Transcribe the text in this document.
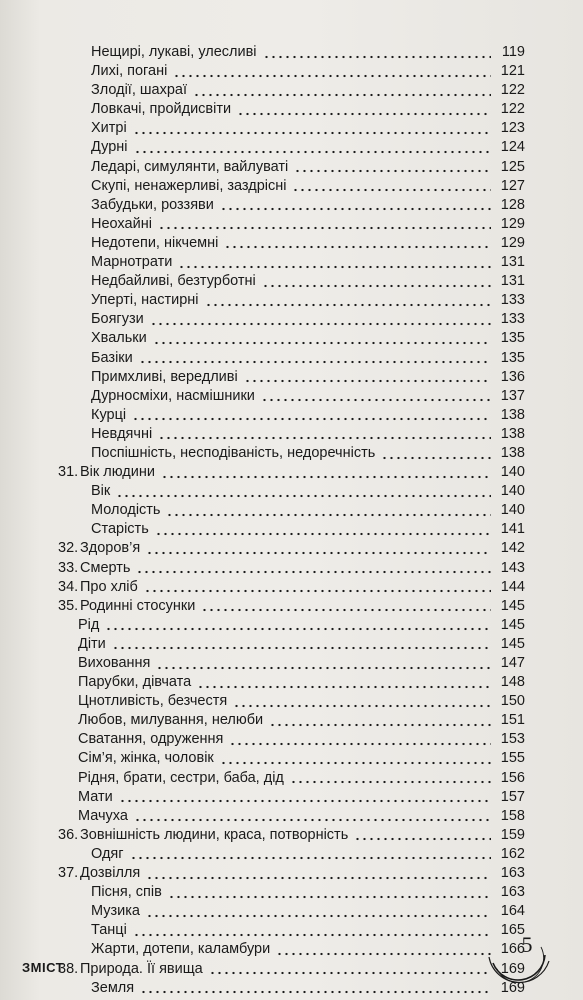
Нещирі, лукаві, улесливі	119
Лихі, погані	121
Злодії, шахраї	122
Ловкачі, пройдисвіти	122
Хитрі	123
Дурні	124
Ледарі, симулянти, вайлуваті	125
Скупі, ненажерливі, заздрісні	127
Забудьки, роззяви	128
Неохайні	129
Недотепи, нікчемні	129
Марнотрати	131
Недбайливі, безтурботні	131
Уперті, настирні	133
Боягузи	133
Хвальки	135
Базіки	135
Примхливі, вередливі	136
Дурносміхи, насмішники	137
Курці	138
Невдячні	138
Поспішність, несподіваність, недоречність	138
31. Вік людини	140
Вік	140
Молодість	140
Старість	141
32. Здоров’я	142
33. Смерть	143
34. Про хліб	144
35. Родинні стосунки	145
Рід	145
Діти	145
Виховання	147
Парубки, дівчата	148
Цнотливість, безчестя	150
Любов, милування, нелюби	151
Сватання, одруження	153
Сім’я, жінка, чоловік	155
Рідня, брати, сестри, баба, дід	156
Мати	157
Мачуха	158
36. Зовнішність людини, краса, потворність	159
Одяг	162
37. Дозвілля	163
Пісня, спів	163
Музика	164
Танці	165
Жарти, дотепи, каламбури	166
38. Природа. Її явища	169
Земля	169
ЗМІСТ
5
